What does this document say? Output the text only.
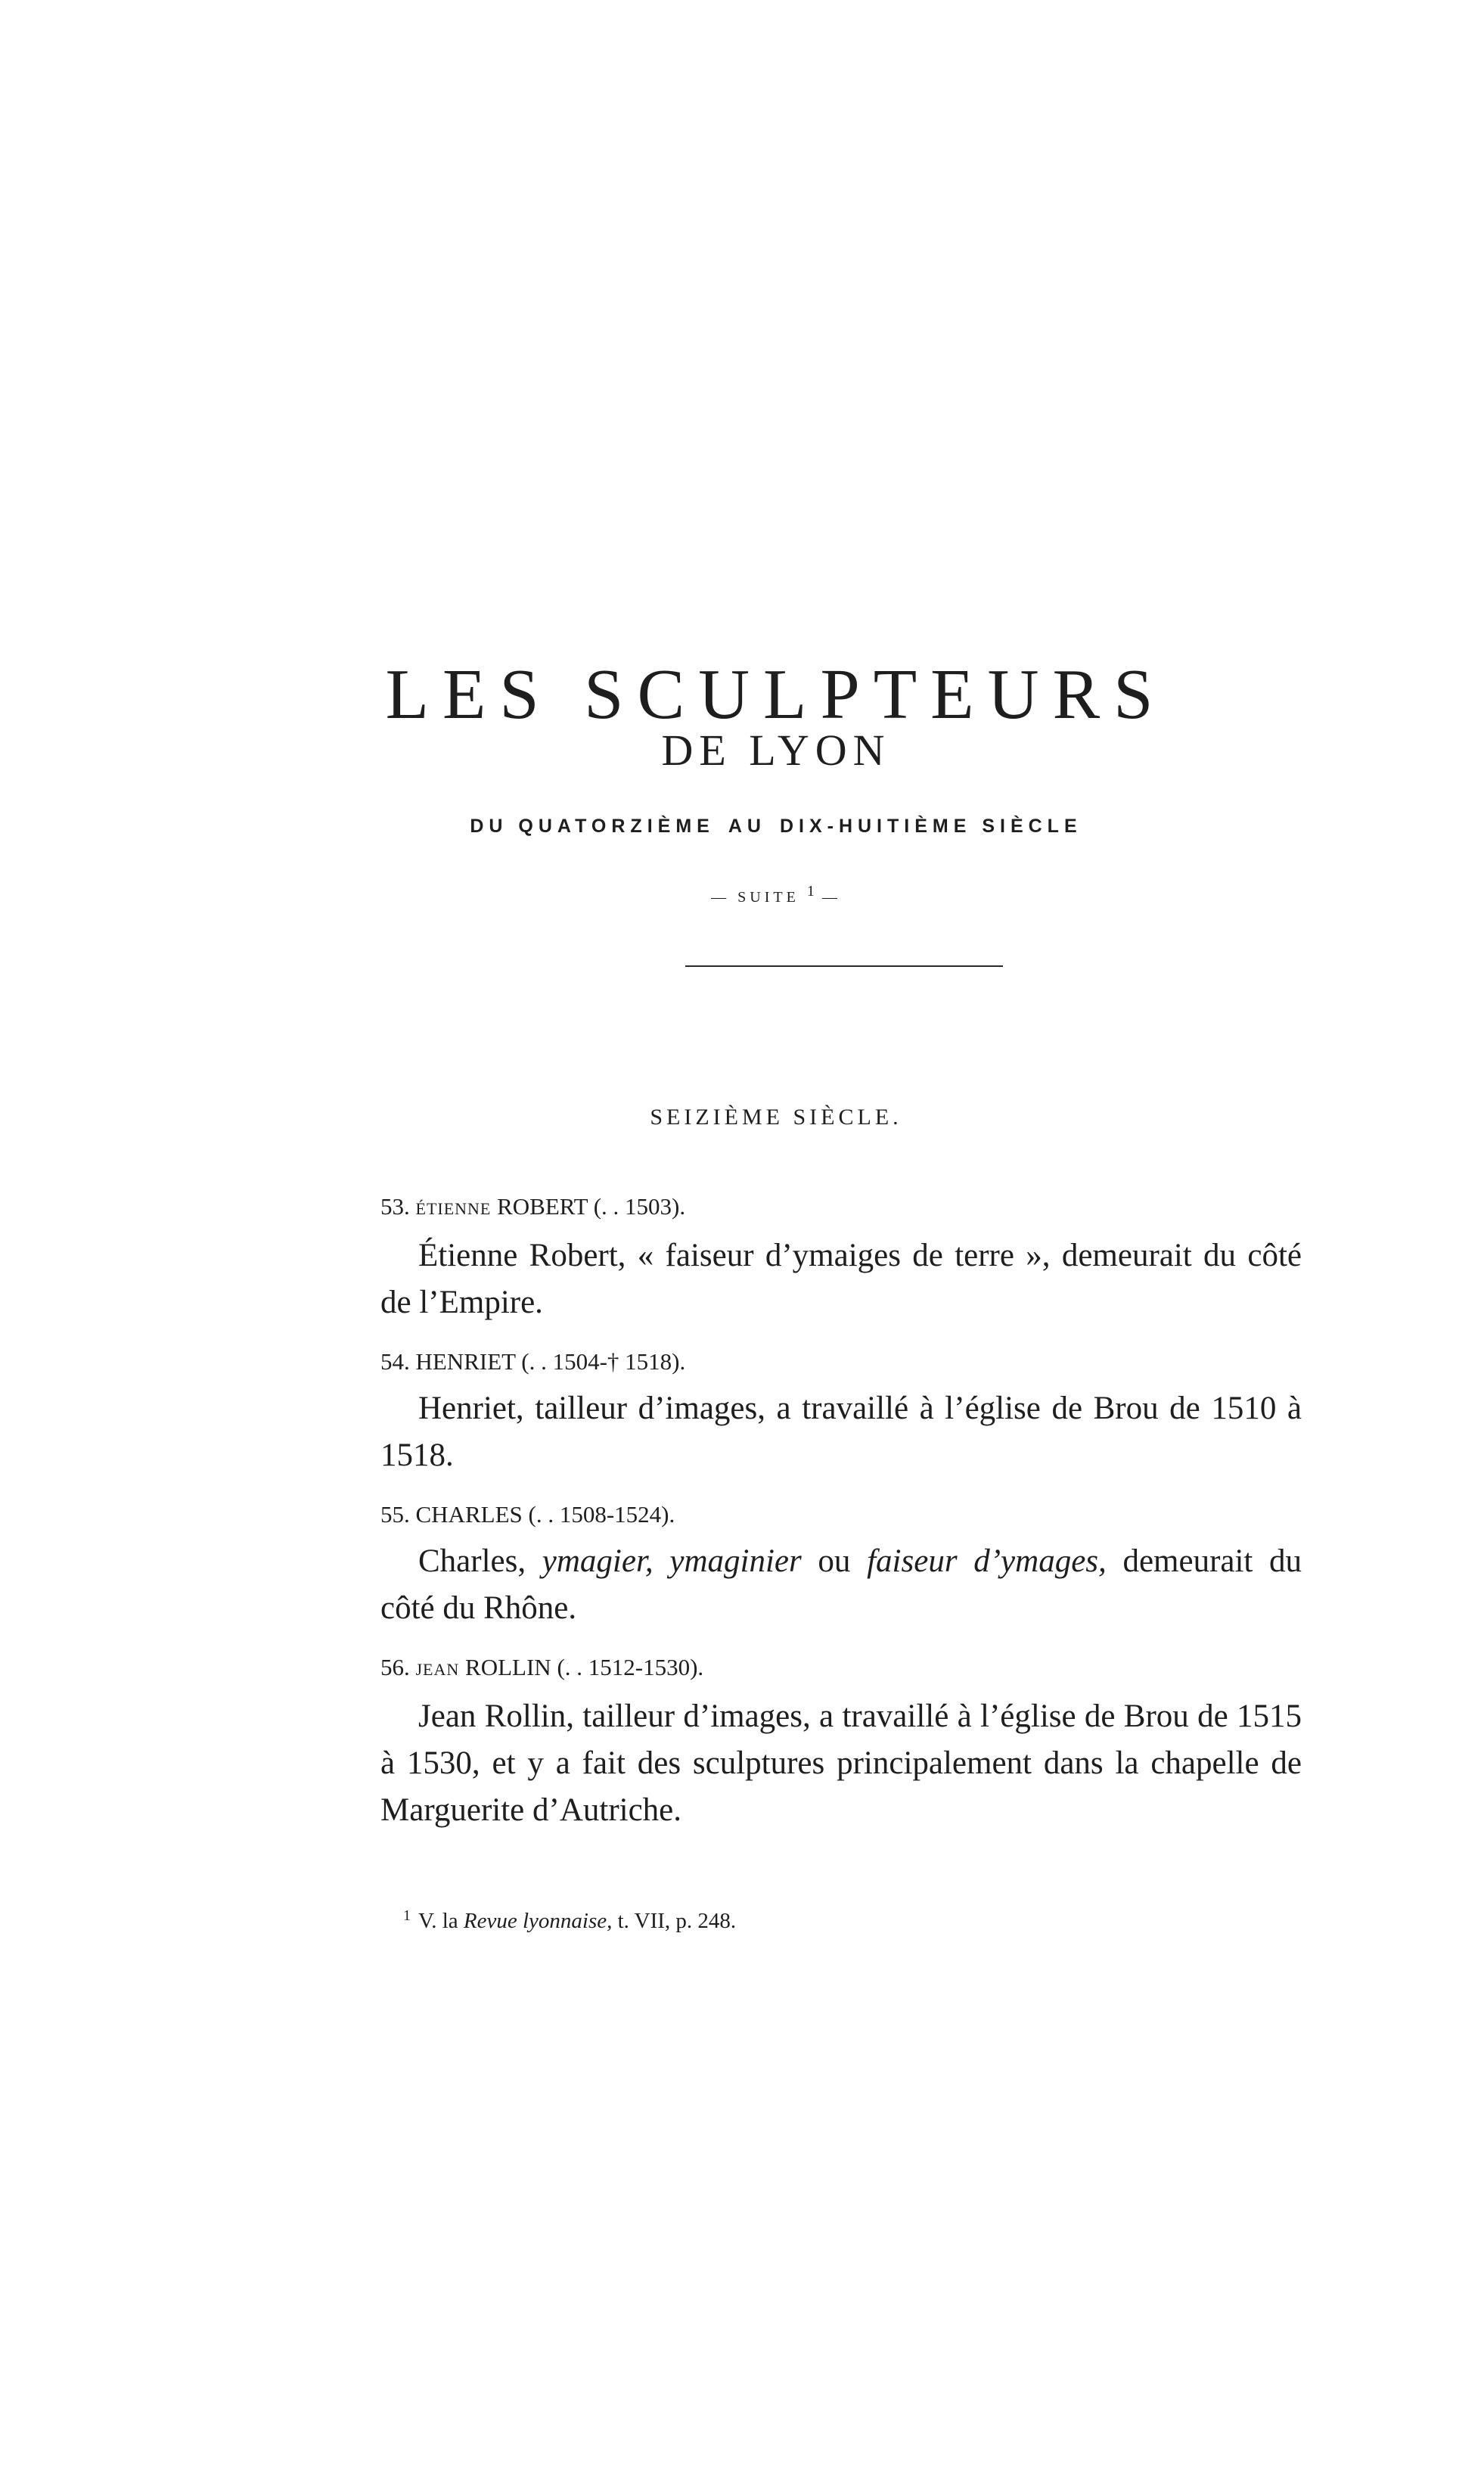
LES SCULPTEURS
DE LYON
DU QUATORZIÈME AU DIX-HUITIÈME SIÈCLE
— SUITE $^1$ —
SEIZIÈME SIÈCLE.
53. ÉTIENNE ROBERT (. . 1503).

Étienne Robert, « faiseur d’ymaiges de terre », demeurait du côté de l’Empire.

54. HENRIET (. . 1504-† 1518).

Henriet, tailleur d’images, a travaillé à l’église de Brou de 1510 à 1518.

55. CHARLES (. . 1508-1524).

Charles, ymagier, ymaginier ou faiseur d’ymages, demeurait du côté du Rhône.

56. JEAN ROLLIN (. . 1512-1530).

Jean Rollin, tailleur d’images, a travaillé à l’église de Brou de 1515 à 1530, et y a fait des sculptures principalement dans la chapelle de Marguerite d’Autriche.

$^1$ V. la Revue lyonnaise, t. VII, p. 248.
